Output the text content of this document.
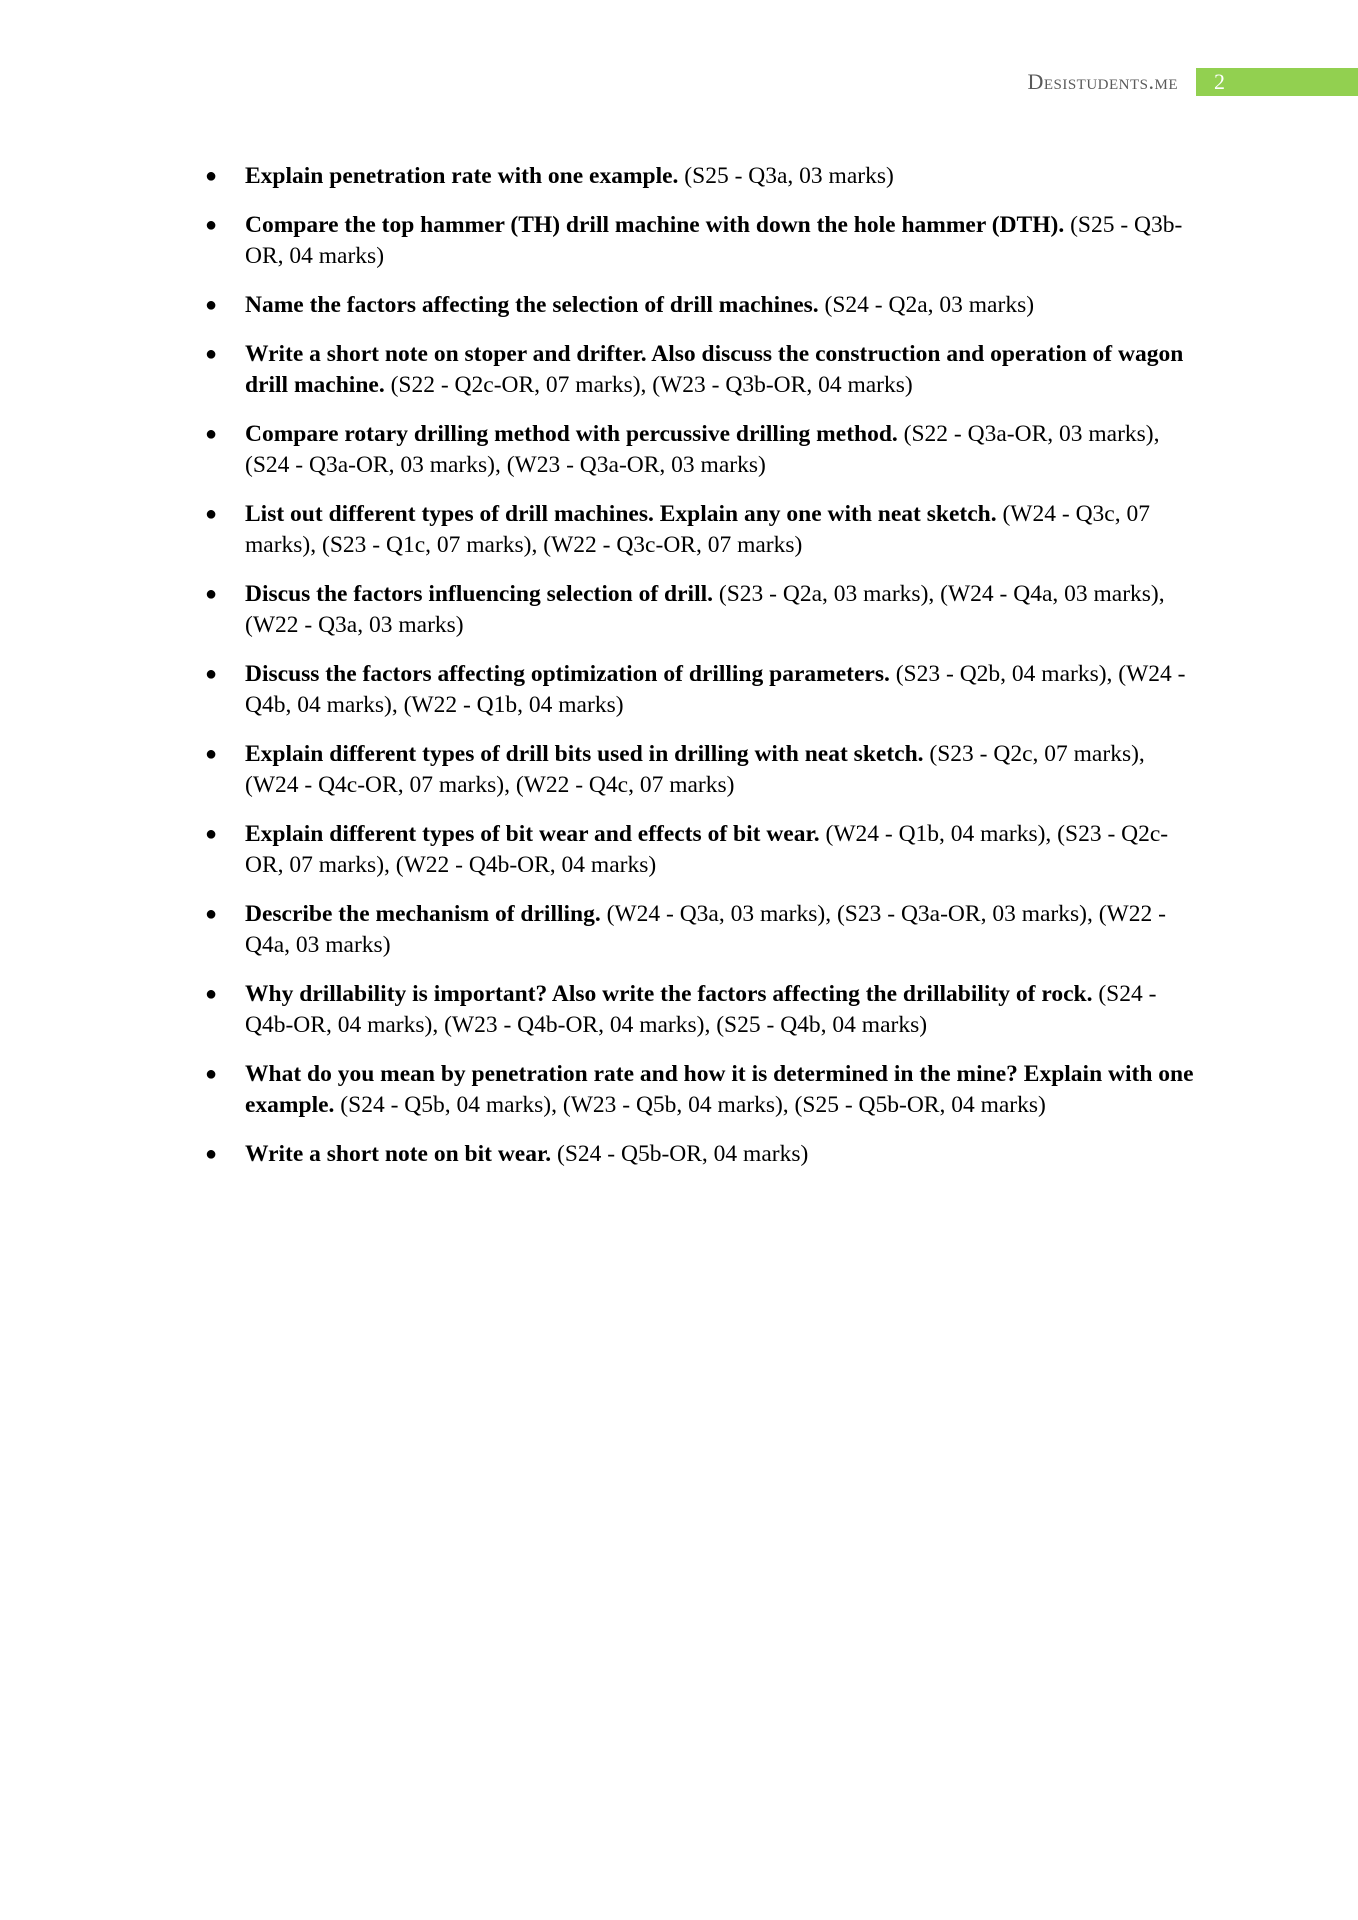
Desistudents.me	2
● Explain penetration rate with one example. (S25 - Q3a, 03 marks)
● Compare the top hammer (TH) drill machine with down the hole hammer (DTH). (S25 - Q3b-OR, 04 marks)
● Name the factors affecting the selection of drill machines. (S24 - Q2a, 03 marks)
● Write a short note on stoper and drifter. Also discuss the construction and operation of wagon drill machine. (S22 - Q2c-OR, 07 marks), (W23 - Q3b-OR, 04 marks)
● Compare rotary drilling method with percussive drilling method. (S22 - Q3a-OR, 03 marks), (S24 - Q3a-OR, 03 marks), (W23 - Q3a-OR, 03 marks)
● List out different types of drill machines. Explain any one with neat sketch. (W24 - Q3c, 07 marks), (S23 - Q1c, 07 marks), (W22 - Q3c-OR, 07 marks)
● Discus the factors influencing selection of drill. (S23 - Q2a, 03 marks), (W24 - Q4a, 03 marks), (W22 - Q3a, 03 marks)
● Discuss the factors affecting optimization of drilling parameters. (S23 - Q2b, 04 marks), (W24 - Q4b, 04 marks), (W22 - Q1b, 04 marks)
● Explain different types of drill bits used in drilling with neat sketch. (S23 - Q2c, 07 marks), (W24 - Q4c-OR, 07 marks), (W22 - Q4c, 07 marks)
● Explain different types of bit wear and effects of bit wear. (W24 - Q1b, 04 marks), (S23 - Q2c-OR, 07 marks), (W22 - Q4b-OR, 04 marks)
● Describe the mechanism of drilling. (W24 - Q3a, 03 marks), (S23 - Q3a-OR, 03 marks), (W22 - Q4a, 03 marks)
● Why drillability is important? Also write the factors affecting the drillability of rock. (S24 - Q4b-OR, 04 marks), (W23 - Q4b-OR, 04 marks), (S25 - Q4b, 04 marks)
● What do you mean by penetration rate and how it is determined in the mine? Explain with one example. (S24 - Q5b, 04 marks), (W23 - Q5b, 04 marks), (S25 - Q5b-OR, 04 marks)
● Write a short note on bit wear. (S24 - Q5b-OR, 04 marks)
